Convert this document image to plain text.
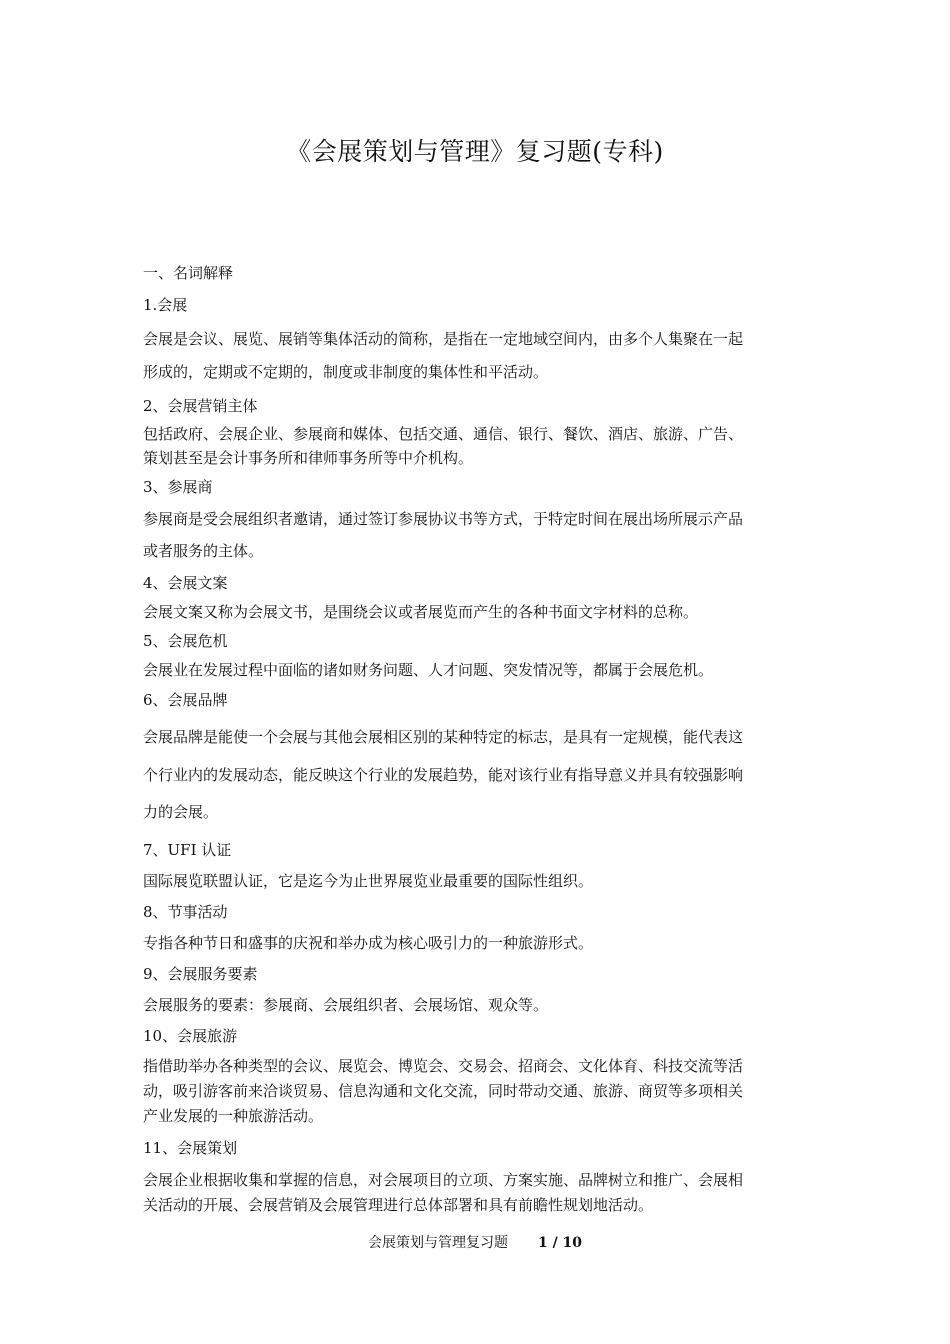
《会展策划与管理》复习题(专科)
一、名词解释
1.会展
会展是会议、展览、展销等集体活动的简称，是指在一定地域空间内，由多个人集聚在一起
形成的，定期或不定期的，制度或非制度的集体性和平活动。
2、会展营销主体
包括政府、会展企业、参展商和媒体、包括交通、通信、银行、餐饮、酒店、旅游、广告、
策划甚至是会计事务所和律师事务所等中介机构。
3、参展商
参展商是受会展组织者邀请，通过签订参展协议书等方式，于特定时间在展出场所展示产品
或者服务的主体。
4、会展文案
会展文案又称为会展文书，是围绕会议或者展览而产生的各种书面文字材料的总称。
5、会展危机
会展业在发展过程中面临的诸如财务问题、人才问题、突发情况等，都属于会展危机。
6、会展品牌
会展品牌是能使一个会展与其他会展相区别的某种特定的标志，是具有一定规模，能代表这
个行业内的发展动态，能反映这个行业的发展趋势，能对该行业有指导意义并具有较强影响
力的会展。
7、UFI 认证
国际展览联盟认证，它是迄今为止世界展览业最重要的国际性组织。
8、节事活动
专指各种节日和盛事的庆祝和举办成为核心吸引力的一种旅游形式。
9、会展服务要素
会展服务的要素：参展商、会展组织者、会展场馆、观众等。
10、会展旅游
指借助举办各种类型的会议、展览会、博览会、交易会、招商会、文化体育、科技交流等活
动，吸引游客前来洽谈贸易、信息沟通和文化交流，同时带动交通、旅游、商贸等多项相关
产业发展的一种旅游活动。
11、会展策划
会展企业根据收集和掌握的信息，对会展项目的立项、方案实施、品牌树立和推广、会展相
关活动的开展、会展营销及会展管理进行总体部署和具有前瞻性规划地活动。
会展策划与管理复习题 1 / 10
